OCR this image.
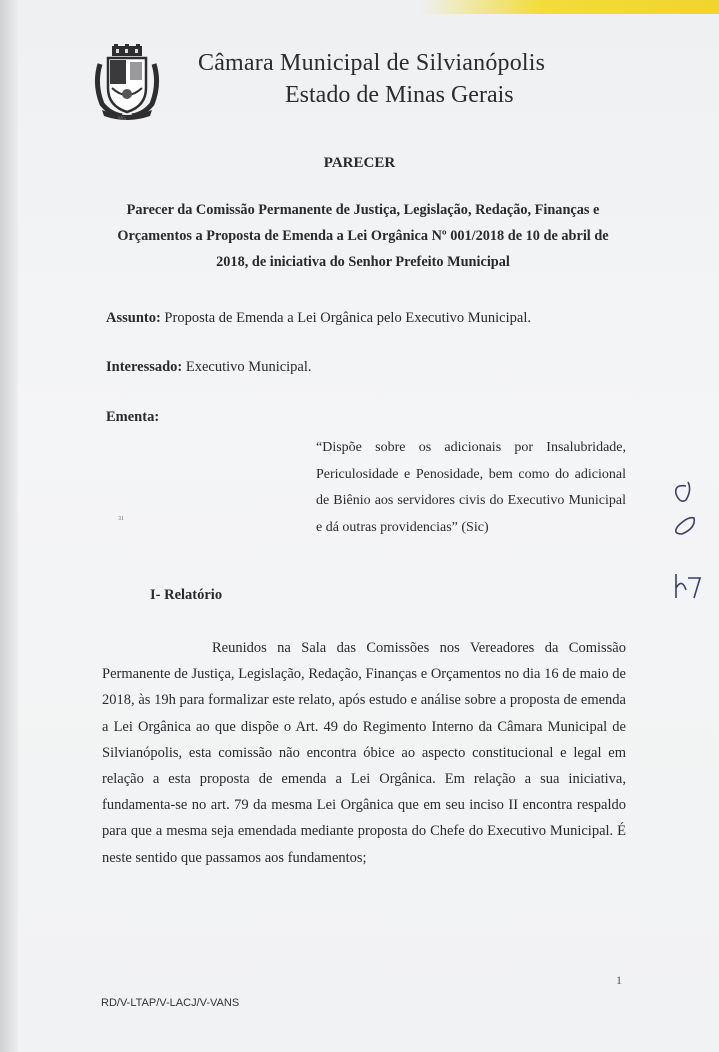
MG
Câmara Municipal de Silvianópolis
Estado de Minas Gerais
PARECER
Parecer da Comissão Permanente de Justiça, Legislação, Redação, Finanças e
Orçamentos a Proposta de Emenda a Lei Orgânica Nº 001/2018 de 10 de abril de
2018, de iniciativa do Senhor Prefeito Municipal
Assunto: Proposta de Emenda a Lei Orgânica pelo Executivo Municipal.
Interessado: Executivo Municipal.
Ementa:
“Dispõe sobre os adicionais por Insalubridade, Periculosidade e Penosidade, bem como do adicional de Biênio aos servidores civis do Executivo Municipal e dá outras providencias” (Sic)
₃₁
I- Relatório
Reunidos na Sala das Comissões nos Vereadores da Comissão Permanente de Justiça, Legislação, Redação, Finanças e Orçamentos no dia 16 de maio de 2018, às 19h para formalizar este relato, após estudo e análise sobre a proposta de emenda a Lei Orgânica ao que dispõe o Art. 49 do Regimento Interno da Câmara Municipal de Silvianópolis, esta comissão não encontra óbice ao aspecto constitucional e legal em relação a esta proposta de emenda a Lei Orgânica. Em relação a sua iniciativa, fundamenta-se no art. 79 da mesma Lei Orgânica que em seu inciso II encontra respaldo para que a mesma seja emendada mediante proposta do Chefe do Executivo Municipal. É neste sentido que passamos aos fundamentos;
1
RD/V-LTAP/V-LACJ/V-VANS
